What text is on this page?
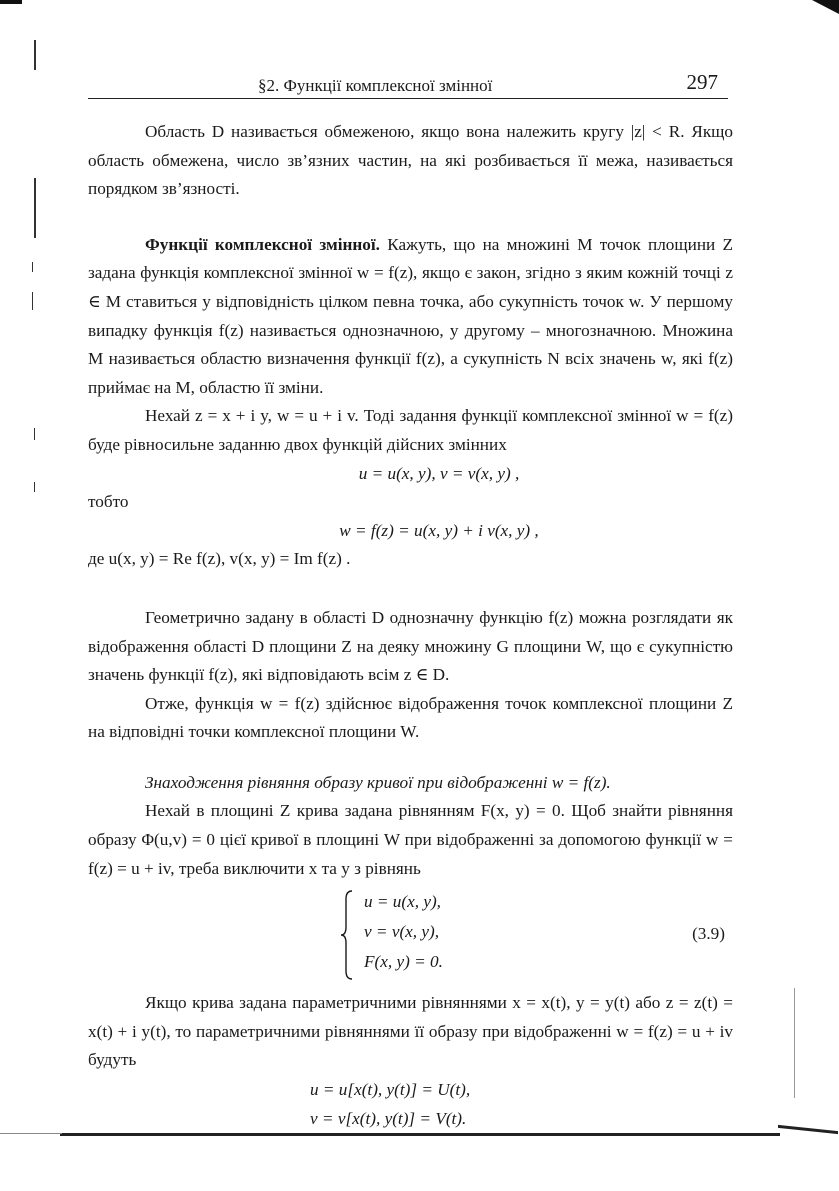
§2. Функції комплексної змінної	297

Область D називається обмеженою, якщо вона належить кругу |z| < R. Якщо область обмежена, число зв’язних частин, на які розбивається її межа, називається порядком зв’язності.

Функції комплексної змінної. Кажуть, що на множині M точок площини Z задана функція комплексної змінної w = f(z), якщо є закон, згідно з яким кожній точці z ∈ M ставиться у відповідність цілком певна точка, або сукупність точок w. У першому випадку функція f(z) називається однозначною, у другому – многозначною. Множина M називається областю визначення функції f(z), а сукупність N всіх значень w, які f(z) приймає на M, областю її зміни.

Нехай z = x + i y, w = u + i v. Тоді задання функції комплексної змінної w = f(z) буде рівносильне заданню двох функцій дійсних змінних

u = u(x, y), v = v(x, y) ,

тобто

w = f(z) = u(x, y) + i v(x, y) ,

де u(x, y) = Re f(z), v(x, y) = Im f(z) .

Геометрично задану в області D однозначну функцію f(z) можна розглядати як відображення області D площини Z на деяку множину G площини W, що є сукупністю значень функції f(z), які відповідають всім z ∈ D.

Отже, функція w = f(z) здійснює відображення точок комплексної площини Z на відповідні точки комплексної площини W.

Знаходження рівняння образу кривої при відображенні w = f(z).

Нехай в площині Z крива задана рівнянням F(x, y) = 0. Щоб знайти рівняння образу Φ(u,v) = 0 цієї кривої в площині W при відображенні за допомогою функції w = f(z) = u + iv, треба виключити x та y з рівнянь

u = u(x, y),
v = v(x, y),
F(x, y) = 0.
(3.9)

Якщо крива задана параметричними рівняннями x = x(t), y = y(t) або z = z(t) = x(t) + i y(t), то параметричними рівняннями її образу при відображенні w = f(z) = u + iv будуть

u = u[x(t), y(t)] = U(t),
v = v[x(t), y(t)] = V(t).
